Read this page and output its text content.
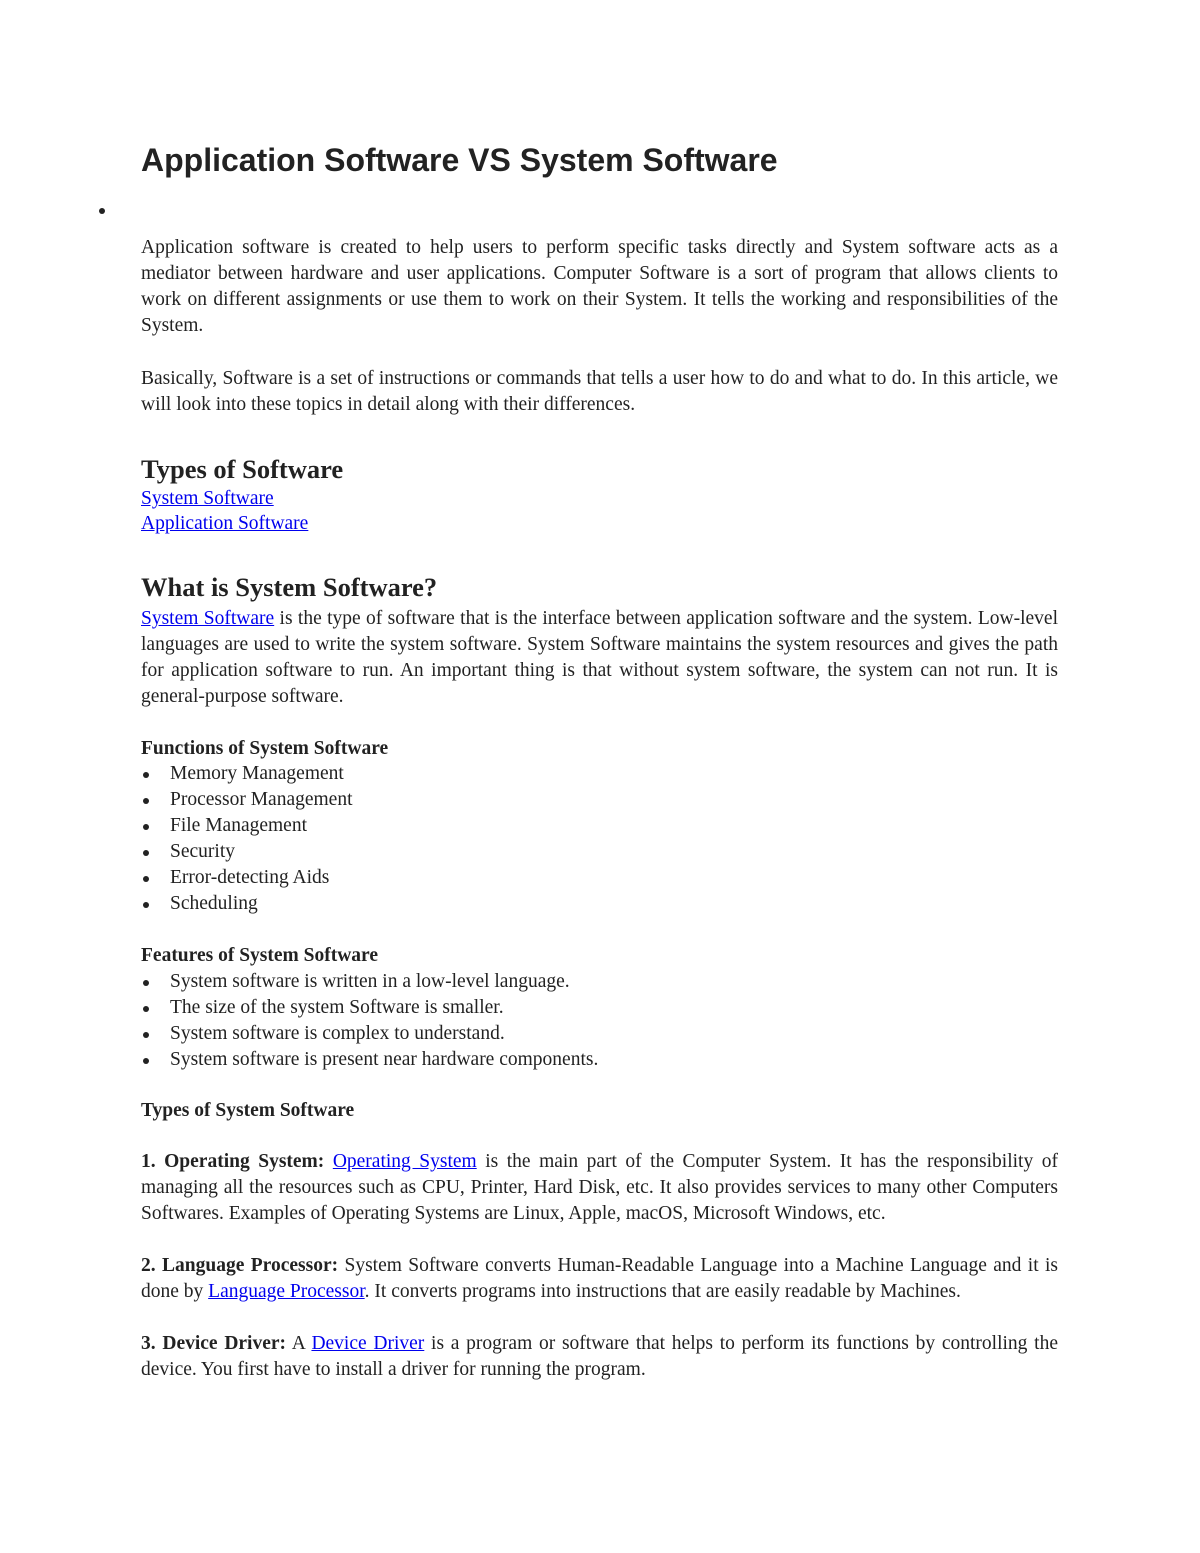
Application Software VS System Software

Application software is created to help users to perform specific tasks directly and System software acts as a mediator between hardware and user applications. Computer Software is a sort of program that allows clients to work on different assignments or use them to work on their System. It tells the working and responsibilities of the System.

Basically, Software is a set of instructions or commands that tells a user how to do and what to do. In this article, we will look into these topics in detail along with their differences.

Types of Software
System Software
Application Software
What is System Software?

System Software is the type of software that is the interface between application software and the system. Low-level languages are used to write the system software. System Software maintains the system resources and gives the path for application software to run. An important thing is that without system software, the system can not run. It is general-purpose software.

Functions of System Software
Memory Management
Processor Management
File Management
Security
Error-detecting Aids
Scheduling
Features of System Software
System software is written in a low-level language.
The size of the system Software is smaller.
System software is complex to understand.
System software is present near hardware components.
Types of System Software

1. Operating System: Operating System is the main part of the Computer System. It has the responsibility of managing all the resources such as CPU, Printer, Hard Disk, etc. It also provides services to many other Computers Softwares. Examples of Operating Systems are Linux, Apple, macOS, Microsoft Windows, etc.

2. Language Processor: System Software converts Human-Readable Language into a Machine Language and it is done by Language Processor. It converts programs into instructions that are easily readable by Machines.

3. Device Driver: A Device Driver is a program or software that helps to perform its functions by controlling the device. You first have to install a driver for running the program.
